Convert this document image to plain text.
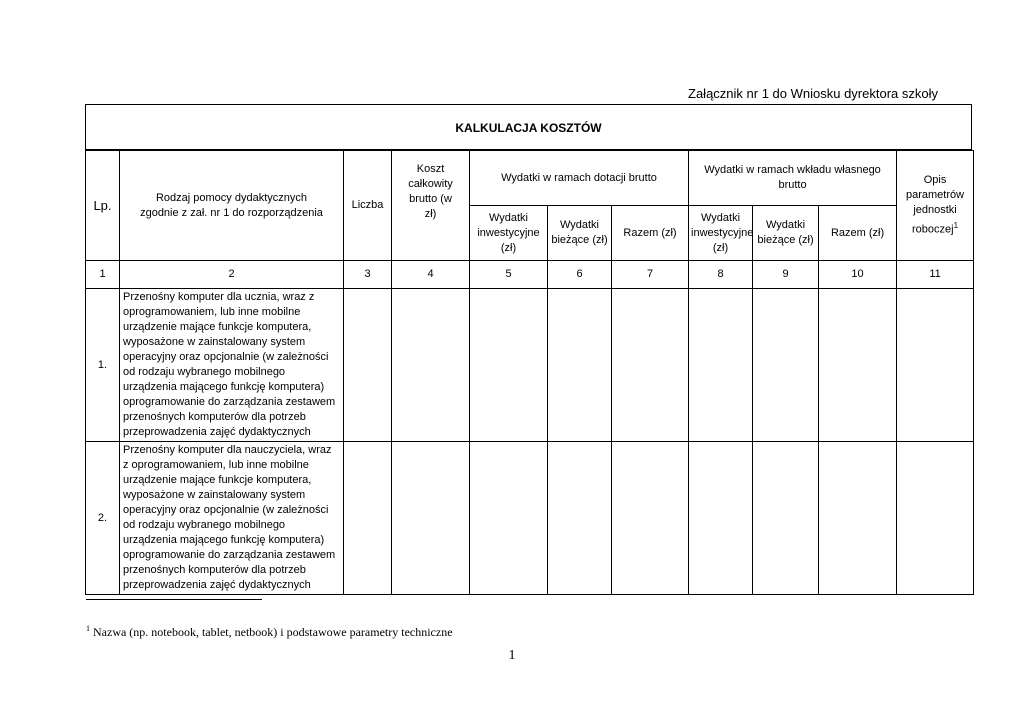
Załącznik nr 1 do Wniosku dyrektora szkoły
KALKULACJA KOSZTÓW
Lp.	Rodzaj pomocy dydaktycznych zgodnie z zał. nr 1 do rozporządzenia	Liczba	Koszt całkowity brutto (w zł)	Wydatki w ramach dotacji brutto			Wydatki w ramach wkładu własnego brutto			Opis parametrów jednostki roboczej$^1$
				Wydatki inwestycyjne (zł)	Wydatki bieżące (zł)	Razem (zł)	Wydatki inwestycyjne (zł)	Wydatki bieżące (zł)	Razem (zł)	
1	2	3	4	5	6	7	8	9	10	11
1.	Przenośny komputer dla ucznia, wraz z oprogramowaniem, lub inne mobilne urządzenie mające funkcje komputera, wyposażone w zainstalowany system operacyjny oraz opcjonalnie (w zależności od rodzaju wybranego mobilnego urządzenia mającego funkcję komputera) oprogramowanie do zarządzania zestawem przenośnych komputerów dla potrzeb przeprowadzenia zajęć dydaktycznych									
2.	Przenośny komputer dla nauczyciela, wraz z oprogramowaniem, lub inne mobilne urządzenie mające funkcje komputera, wyposażone w zainstalowany system operacyjny oraz opcjonalnie (w zależności od rodzaju wybranego mobilnego urządzenia mającego funkcję komputera) oprogramowanie do zarządzania zestawem przenośnych komputerów dla potrzeb przeprowadzenia zajęć dydaktycznych									
$^1$ Nazwa (np. notebook, tablet, netbook) i podstawowe parametry techniczne
1
